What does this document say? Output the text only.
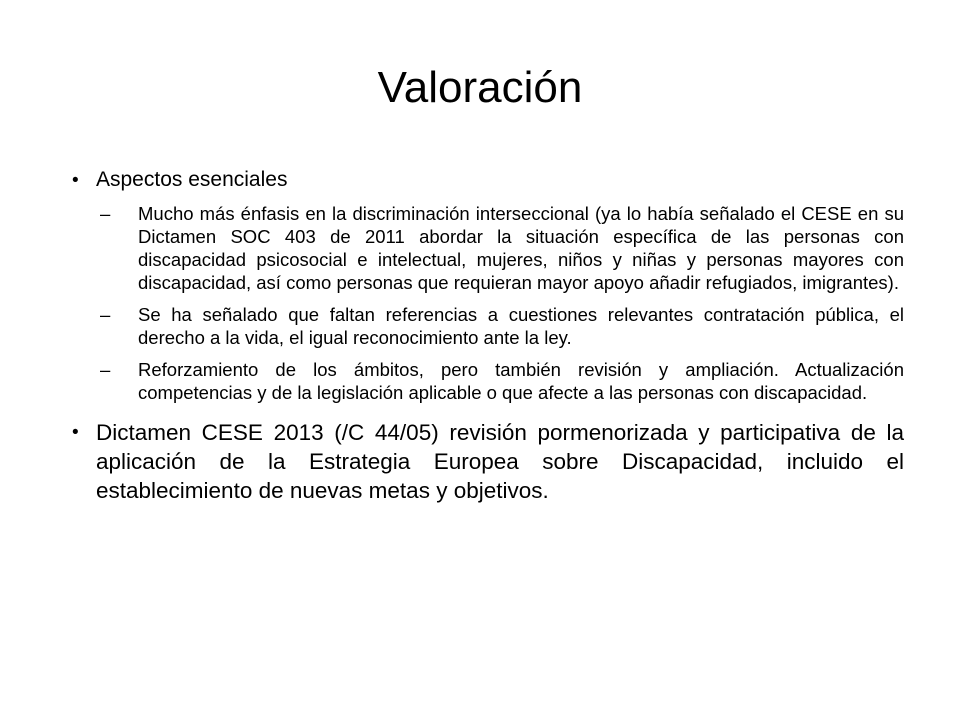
Valoración
• Aspectos esenciales
– Mucho más énfasis en la discriminación interseccional (ya lo había señalado el CESE en su Dictamen SOC 403 de 2011 abordar la situación específica de las personas con discapacidad psicosocial e intelectual, mujeres, niños y niñas y personas mayores con discapacidad, así como personas que requieran mayor apoyo añadir refugiados, imigrantes).
– Se ha señalado que faltan referencias a cuestiones relevantes contratación pública, el derecho a la vida, el igual reconocimiento ante la ley.
– Reforzamiento de los ámbitos, pero también revisión y ampliación. Actualización competencias y de la legislación aplicable o que afecte a las personas con discapacidad.
• Dictamen CESE 2013 (/C 44/05) revisión pormenorizada y participativa de la aplicación de la Estrategia Europea sobre Discapacidad, incluido el establecimiento de nuevas metas y objetivos.
